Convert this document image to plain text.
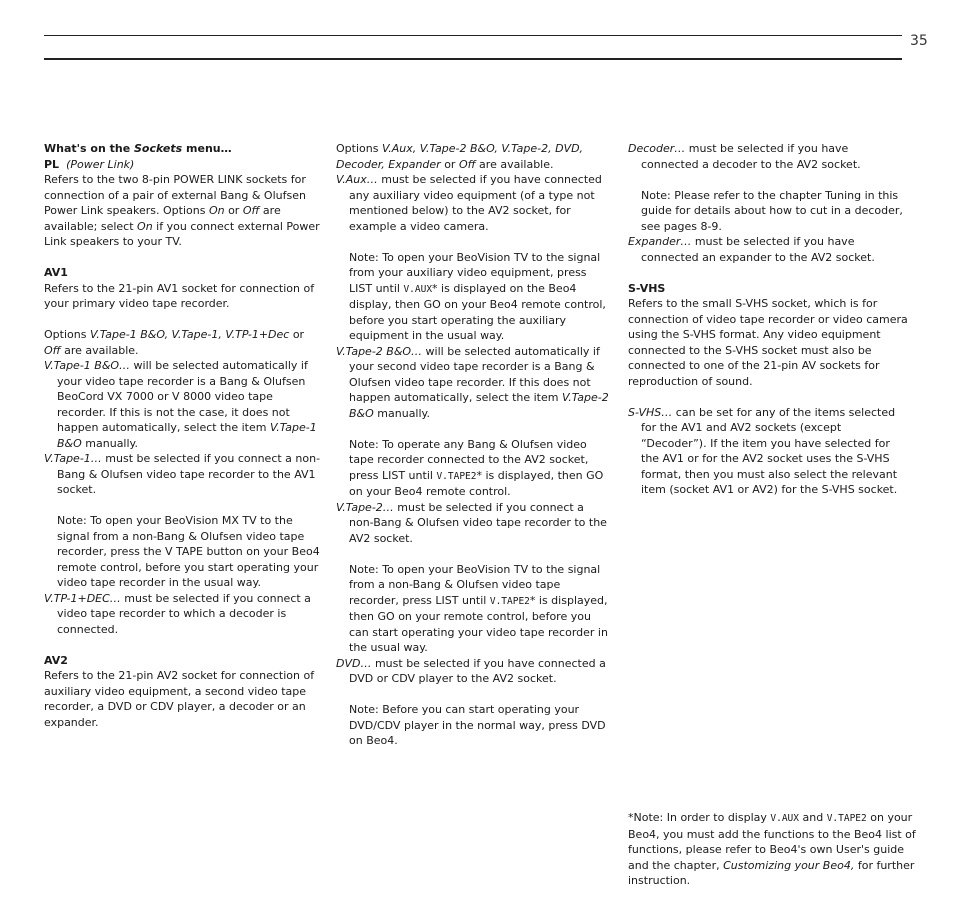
35

What's on the Sockets menu…

PL (Power Link)

Refers to the two 8-pin POWER LINK sockets for connection of a pair of external Bang & Olufsen Power Link speakers. Options On or Off are available; select On if you connect external Power Link speakers to your TV.

AV1

Refers to the 21-pin AV1 socket for connection of your primary video tape recorder.

Options V.Tape-1 B&O, V.Tape-1, V.TP-1+Dec or Off are available.

V.Tape-1 B&O… will be selected automatically if your video tape recorder is a Bang & Olufsen BeoCord VX 7000 or V 8000 video tape recorder. If this is not the case, it does not happen automatically, select the item V.Tape-1 B&O manually.

V.Tape-1… must be selected if you connect a non-Bang & Olufsen video tape recorder to the AV1 socket.

Note: To open your BeoVision MX TV to the signal from a non-Bang & Olufsen video tape recorder, press the V TAPE button on your Beo4 remote control, before you start operating your video tape recorder in the usual way.

V.TP-1+DEC… must be selected if you connect a video tape recorder to which a decoder is connected.

AV2

Refers to the 21-pin AV2 socket for connection of auxiliary video equipment, a second video tape recorder, a DVD or CDV player, a decoder or an expander.

Options V.Aux, V.Tape-2 B&O, V.Tape-2, DVD, Decoder, Expander or Off are available.

V.Aux… must be selected if you have connected any auxiliary video equipment (of a type not mentioned below) to the AV2 socket, for example a video camera.

Note: To open your BeoVision TV to the signal from your auxiliary video equipment, press LIST until V.AUX* is displayed on the Beo4 display, then GO on your Beo4 remote control, before you start operating the auxiliary equipment in the usual way.

V.Tape-2 B&O… will be selected automatically if your second video tape recorder is a Bang & Olufsen video tape recorder. If this does not happen automatically, select the item V.Tape-2 B&O manually.

Note: To operate any Bang & Olufsen video tape recorder connected to the AV2 socket, press LIST until V.TAPE2* is displayed, then GO on your Beo4 remote control.

V.Tape-2… must be selected if you connect a non-Bang & Olufsen video tape recorder to the AV2 socket.

Note: To open your BeoVision TV to the signal from a non-Bang & Olufsen video tape recorder, press LIST until V.TAPE2* is displayed, then GO on your remote control, before you can start operating your video tape recorder in the usual way.

DVD… must be selected if you have connected a DVD or CDV player to the AV2 socket.

Note: Before you can start operating your DVD/CDV player in the normal way, press DVD on Beo4.

Decoder… must be selected if you have connected a decoder to the AV2 socket.

Note: Please refer to the chapter Tuning in this guide for details about how to cut in a decoder, see pages 8-9.

Expander… must be selected if you have connected an expander to the AV2 socket.

S-VHS

Refers to the small S-VHS socket, which is for connection of video tape recorder or video camera using the S-VHS format. Any video equipment connected to the S-VHS socket must also be connected to one of the 21-pin AV sockets for reproduction of sound.

S-VHS… can be set for any of the items selected for the AV1 and AV2 sockets (except “Decoder”). If the item you have selected for the AV1 or for the AV2 socket uses the S-VHS format, then you must also select the relevant item (socket AV1 or AV2) for the S-VHS socket.

*Note: In order to display V.AUX and V.TAPE2 on your Beo4, you must add the functions to the Beo4 list of functions, please refer to Beo4's own User's guide and the chapter, Customizing your Beo4, for further instruction.
